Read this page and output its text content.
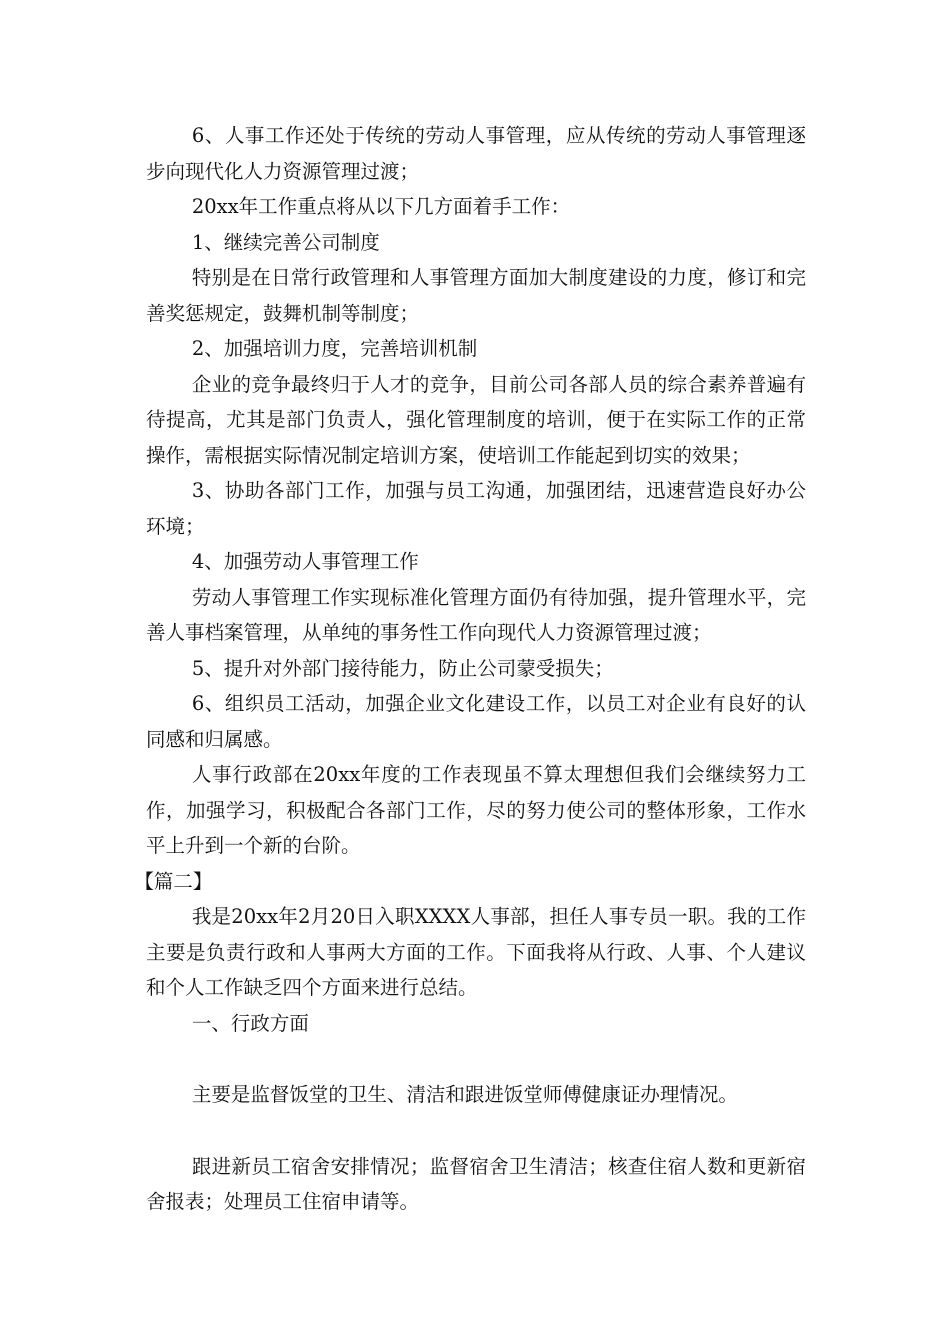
6、人事工作还处于传统的劳动人事管理，应从传统的劳动人事管理逐步向现代化人力资源管理过渡；

20xx年工作重点将从以下几方面着手工作：

1、继续完善公司制度

特别是在日常行政管理和人事管理方面加大制度建设的力度，修订和完善奖惩规定，鼓舞机制等制度；

2、加强培训力度，完善培训机制

企业的竞争最终归于人才的竞争，目前公司各部人员的综合素养普遍有待提高，尤其是部门负责人，强化管理制度的培训，便于在实际工作的正常操作，需根据实际情况制定培训方案，使培训工作能起到切实的效果；

3、协助各部门工作，加强与员工沟通，加强团结，迅速营造良好办公环境；

4、加强劳动人事管理工作

劳动人事管理工作实现标准化管理方面仍有待加强，提升管理水平，完善人事档案管理，从单纯的事务性工作向现代人力资源管理过渡；

5、提升对外部门接待能力，防止公司蒙受损失；

6、组织员工活动，加强企业文化建设工作，以员工对企业有良好的认同感和归属感。

人事行政部在20xx年度的工作表现虽不算太理想但我们会继续努力工作，加强学习，积极配合各部门工作，尽的努力使公司的整体形象，工作水平上升到一个新的台阶。

【篇二】

我是20xx年2月20日入职XXXX人事部，担任人事专员一职。我的工作主要是负责行政和人事两大方面的工作。下面我将从行政、人事、个人建议和个人工作缺乏四个方面来进行总结。

一、行政方面

主要是监督饭堂的卫生、清洁和跟进饭堂师傅健康证办理情况。

跟进新员工宿舍安排情况；监督宿舍卫生清洁；核查住宿人数和更新宿舍报表；处理员工住宿申请等。
